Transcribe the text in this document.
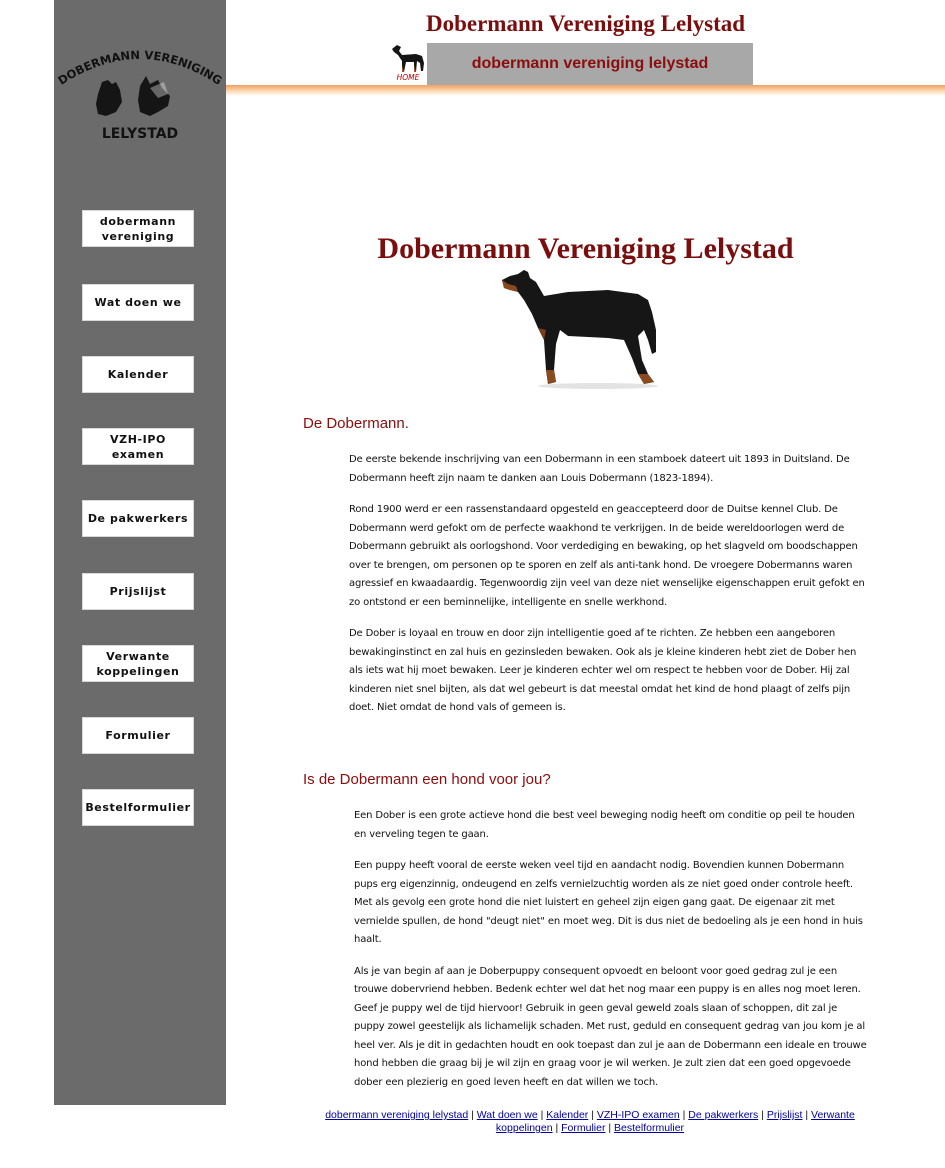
DOBERMANN VERENIGING
LELYSTAD
dobermann vereniging
Wat doen we
Kalender
VZH-IPO examen
De pakwerkers
Prijslijst
Verwante koppelingen
Formulier
Bestelformulier
Dobermann Vereniging Lelystad
HOME
dobermann vereniging lelystad
Dobermann Vereniging Lelystad
De Dobermann.

De eerste bekende inschrijving van een Dobermann in een stamboek dateert uit 1893 in Duitsland. De Dobermann heeft zijn naam te danken aan Louis Dobermann (1823-1894).

Rond 1900 werd er een rassenstandaard opgesteld en geaccepteerd door de Duitse kennel Club. De Dobermann werd gefokt om de perfecte waakhond te verkrijgen. In de beide wereldoorlogen werd de Dobermann gebruikt als oorlogshond. Voor verdediging en bewaking, op het slagveld om boodschappen over te brengen, om personen op te sporen en zelf als anti-tank hond. De vroegere Dobermanns waren agressief en kwaadaardig. Tegenwoordig zijn veel van deze niet wenselijke eigenschappen eruit gefokt en zo ontstond er een beminnelijke, intelligente en snelle werkhond.

De Dober is loyaal en trouw en door zijn intelligentie goed af te richten. Ze hebben een aangeboren bewakinginstinct en zal huis en gezinsleden bewaken. Ook als je kleine kinderen hebt ziet de Dober hen als iets wat hij moet bewaken. Leer je kinderen echter wel om respect te hebben voor de Dober. Hij zal kinderen niet snel bijten, als dat wel gebeurt is dat meestal omdat het kind de hond plaagt of zelfs pijn doet. Niet omdat de hond vals of gemeen is.

Is de Dobermann een hond voor jou?

Een Dober is een grote actieve hond die best veel beweging nodig heeft om conditie op peil te houden en verveling tegen te gaan.

Een puppy heeft vooral de eerste weken veel tijd en aandacht nodig. Bovendien kunnen Dobermann pups erg eigenzinnig, ondeugend en zelfs vernielzuchtig worden als ze niet goed onder controle heeft. Met als gevolg een grote hond die niet luistert en geheel zijn eigen gang gaat. De eigenaar zit met vernielde spullen, de hond "deugt niet" en moet weg. Dit is dus niet de bedoeling als je een hond in huis haalt.

Als je van begin af aan je Doberpuppy consequent opvoedt en beloont voor goed gedrag zul je een trouwe dobervriend hebben. Bedenk echter wel dat het nog maar een puppy is en alles nog moet leren. Geef je puppy wel de tijd hiervoor! Gebruik in geen geval geweld zoals slaan of schoppen, dit zal je puppy zowel geestelijk als lichamelijk schaden. Met rust, geduld en consequent gedrag van jou kom je al heel ver. Als je dit in gedachten houdt en ook toepast dan zul je aan de Dobermann een ideale en trouwe hond hebben die graag bij je wil zijn en graag voor je wil werken. Je zult zien dat een goed opgevoede dober een plezierig en goed leven heeft en dat willen we toch.

dobermann vereniging lelystad | Wat doen we | Kalender | VZH-IPO examen | De pakwerkers | Prijslijst | Verwante koppelingen | Formulier | Bestelformulier
